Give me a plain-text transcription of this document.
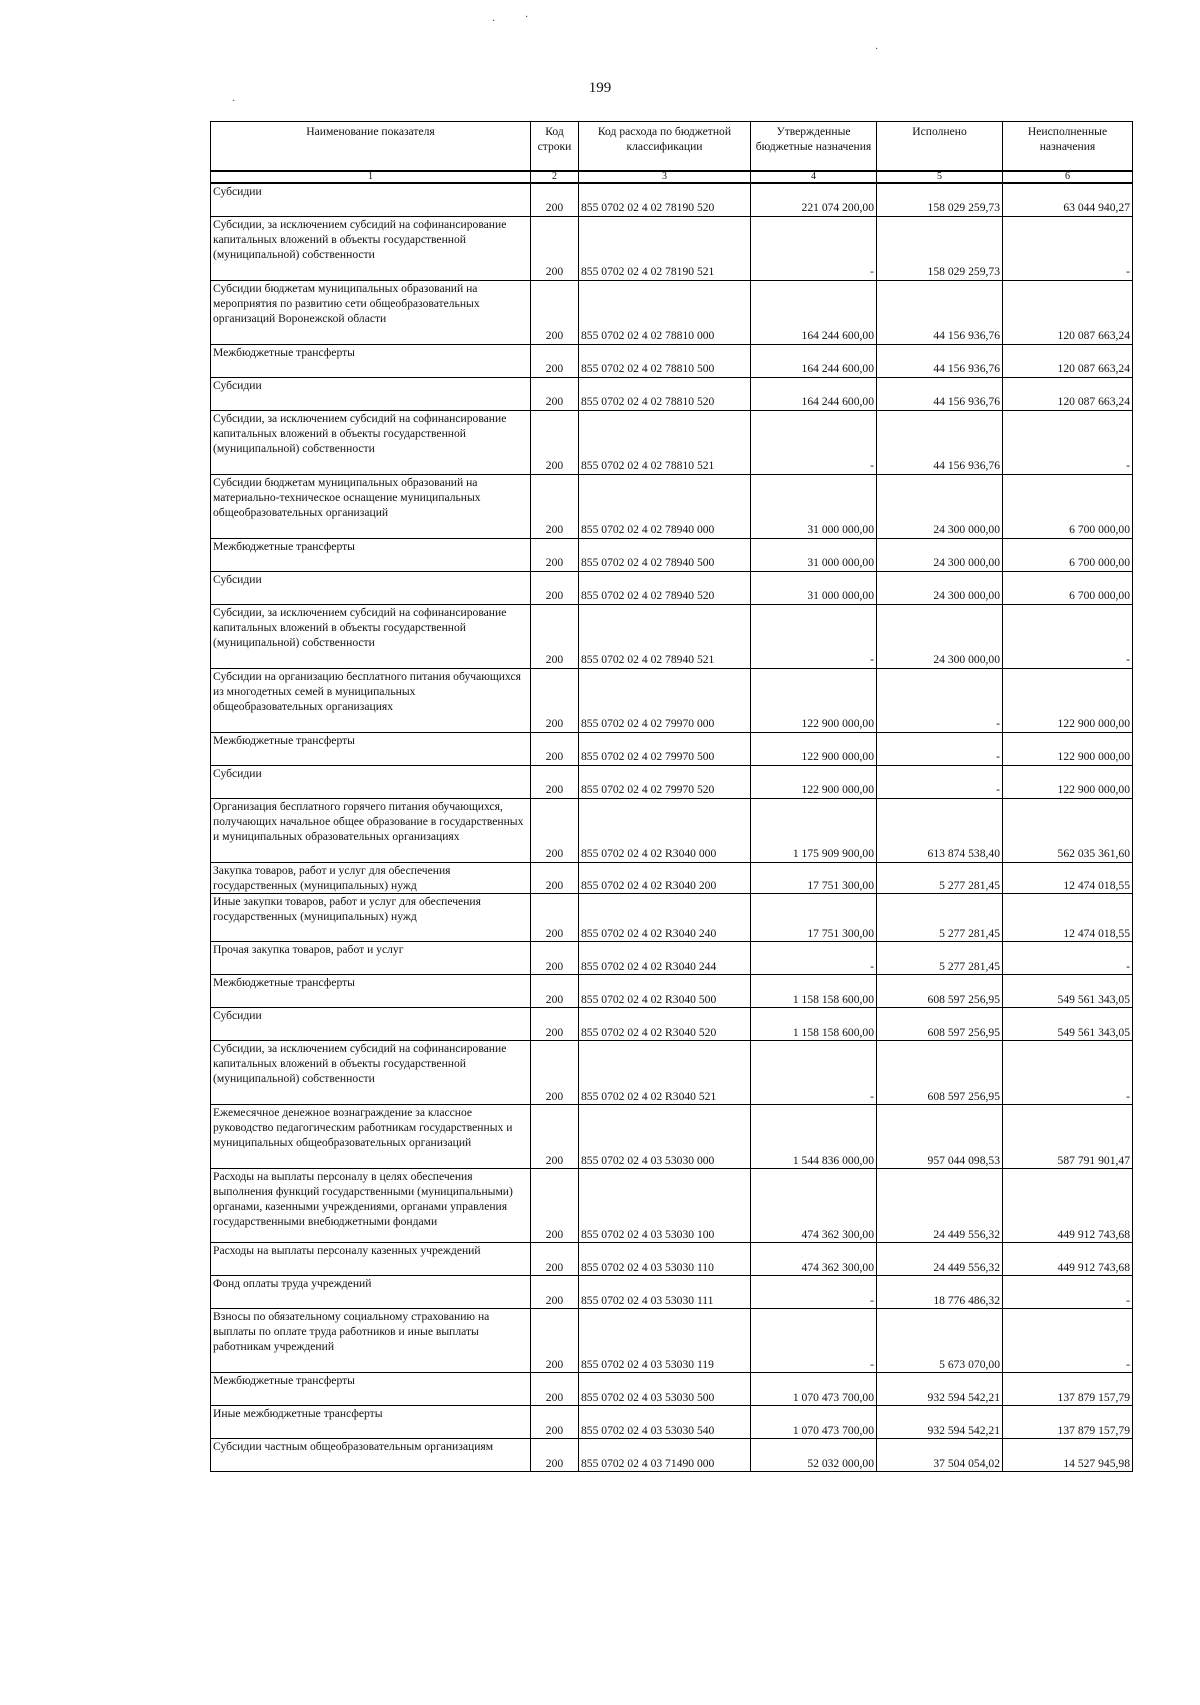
199
·	·
·
·
Наименование показателя	Код строки	Код расхода по бюджетной классификации	Утвержденные бюджетные назначения	Исполнено	Неисполненные назначения
1	2	3	4	5	6
Субсидии	200	855 0702 02 4 02 78190 520	221 074 200,00	158 029 259,73	63 044 940,27
Субсидии, за исключением субсидий на софинансирование капитальных вложений в объекты государственной (муниципальной) собственности	200	855 0702 02 4 02 78190 521	-	158 029 259,73	-
Субсидии бюджетам муниципальных образований на мероприятия по развитию сети общеобразовательных организаций Воронежской области	200	855 0702 02 4 02 78810 000	164 244 600,00	44 156 936,76	120 087 663,24
Межбюджетные трансферты	200	855 0702 02 4 02 78810 500	164 244 600,00	44 156 936,76	120 087 663,24
Субсидии	200	855 0702 02 4 02 78810 520	164 244 600,00	44 156 936,76	120 087 663,24
Субсидии, за исключением субсидий на софинансирование капитальных вложений в объекты государственной (муниципальной) собственности	200	855 0702 02 4 02 78810 521	-	44 156 936,76	-
Субсидии бюджетам муниципальных образований на материально-техническое оснащение муниципальных общеобразовательных организаций	200	855 0702 02 4 02 78940 000	31 000 000,00	24 300 000,00	6 700 000,00
Межбюджетные трансферты	200	855 0702 02 4 02 78940 500	31 000 000,00	24 300 000,00	6 700 000,00
Субсидии	200	855 0702 02 4 02 78940 520	31 000 000,00	24 300 000,00	6 700 000,00
Субсидии, за исключением субсидий на софинансирование капитальных вложений в объекты государственной (муниципальной) собственности	200	855 0702 02 4 02 78940 521	-	24 300 000,00	-
Субсидии на организацию бесплатного питания обучающихся из многодетных семей в муниципальных общеобразовательных организациях	200	855 0702 02 4 02 79970 000	122 900 000,00	-	122 900 000,00
Межбюджетные трансферты	200	855 0702 02 4 02 79970 500	122 900 000,00	-	122 900 000,00
Субсидии	200	855 0702 02 4 02 79970 520	122 900 000,00	-	122 900 000,00
Организация бесплатного горячего питания обучающихся, получающих начальное общее образование в государственных и муниципальных образовательных организациях	200	855 0702 02 4 02 R3040 000	1 175 909 900,00	613 874 538,40	562 035 361,60
Закупка товаров, работ и услуг для обеспечения государственных (муниципальных) нужд	200	855 0702 02 4 02 R3040 200	17 751 300,00	5 277 281,45	12 474 018,55
Иные закупки товаров, работ и услуг для обеспечения государственных (муниципальных) нужд	200	855 0702 02 4 02 R3040 240	17 751 300,00	5 277 281,45	12 474 018,55
Прочая закупка товаров, работ и услуг	200	855 0702 02 4 02 R3040 244	-	5 277 281,45	-
Межбюджетные трансферты	200	855 0702 02 4 02 R3040 500	1 158 158 600,00	608 597 256,95	549 561 343,05
Субсидии	200	855 0702 02 4 02 R3040 520	1 158 158 600,00	608 597 256,95	549 561 343,05
Субсидии, за исключением субсидий на софинансирование капитальных вложений в объекты государственной (муниципальной) собственности	200	855 0702 02 4 02 R3040 521	-	608 597 256,95	-
Ежемесячное денежное вознаграждение за классное руководство педагогическим работникам государственных и муниципальных общеобразовательных организаций	200	855 0702 02 4 03 53030 000	1 544 836 000,00	957 044 098,53	587 791 901,47
Расходы на выплаты персоналу в целях обеспечения выполнения функций государственными (муниципальными) органами, казенными учреждениями, органами управления государственными внебюджетными фондами	200	855 0702 02 4 03 53030 100	474 362 300,00	24 449 556,32	449 912 743,68
Расходы на выплаты персоналу казенных учреждений	200	855 0702 02 4 03 53030 110	474 362 300,00	24 449 556,32	449 912 743,68
Фонд оплаты труда учреждений	200	855 0702 02 4 03 53030 111	-	18 776 486,32	-
Взносы по обязательному социальному страхованию на выплаты по оплате труда работников и иные выплаты работникам учреждений	200	855 0702 02 4 03 53030 119	-	5 673 070,00	-
Межбюджетные трансферты	200	855 0702 02 4 03 53030 500	1 070 473 700,00	932 594 542,21	137 879 157,79
Иные межбюджетные трансферты	200	855 0702 02 4 03 53030 540	1 070 473 700,00	932 594 542,21	137 879 157,79
Субсидии частным общеобразовательным организациям	200	855 0702 02 4 03 71490 000	52 032 000,00	37 504 054,02	14 527 945,98
